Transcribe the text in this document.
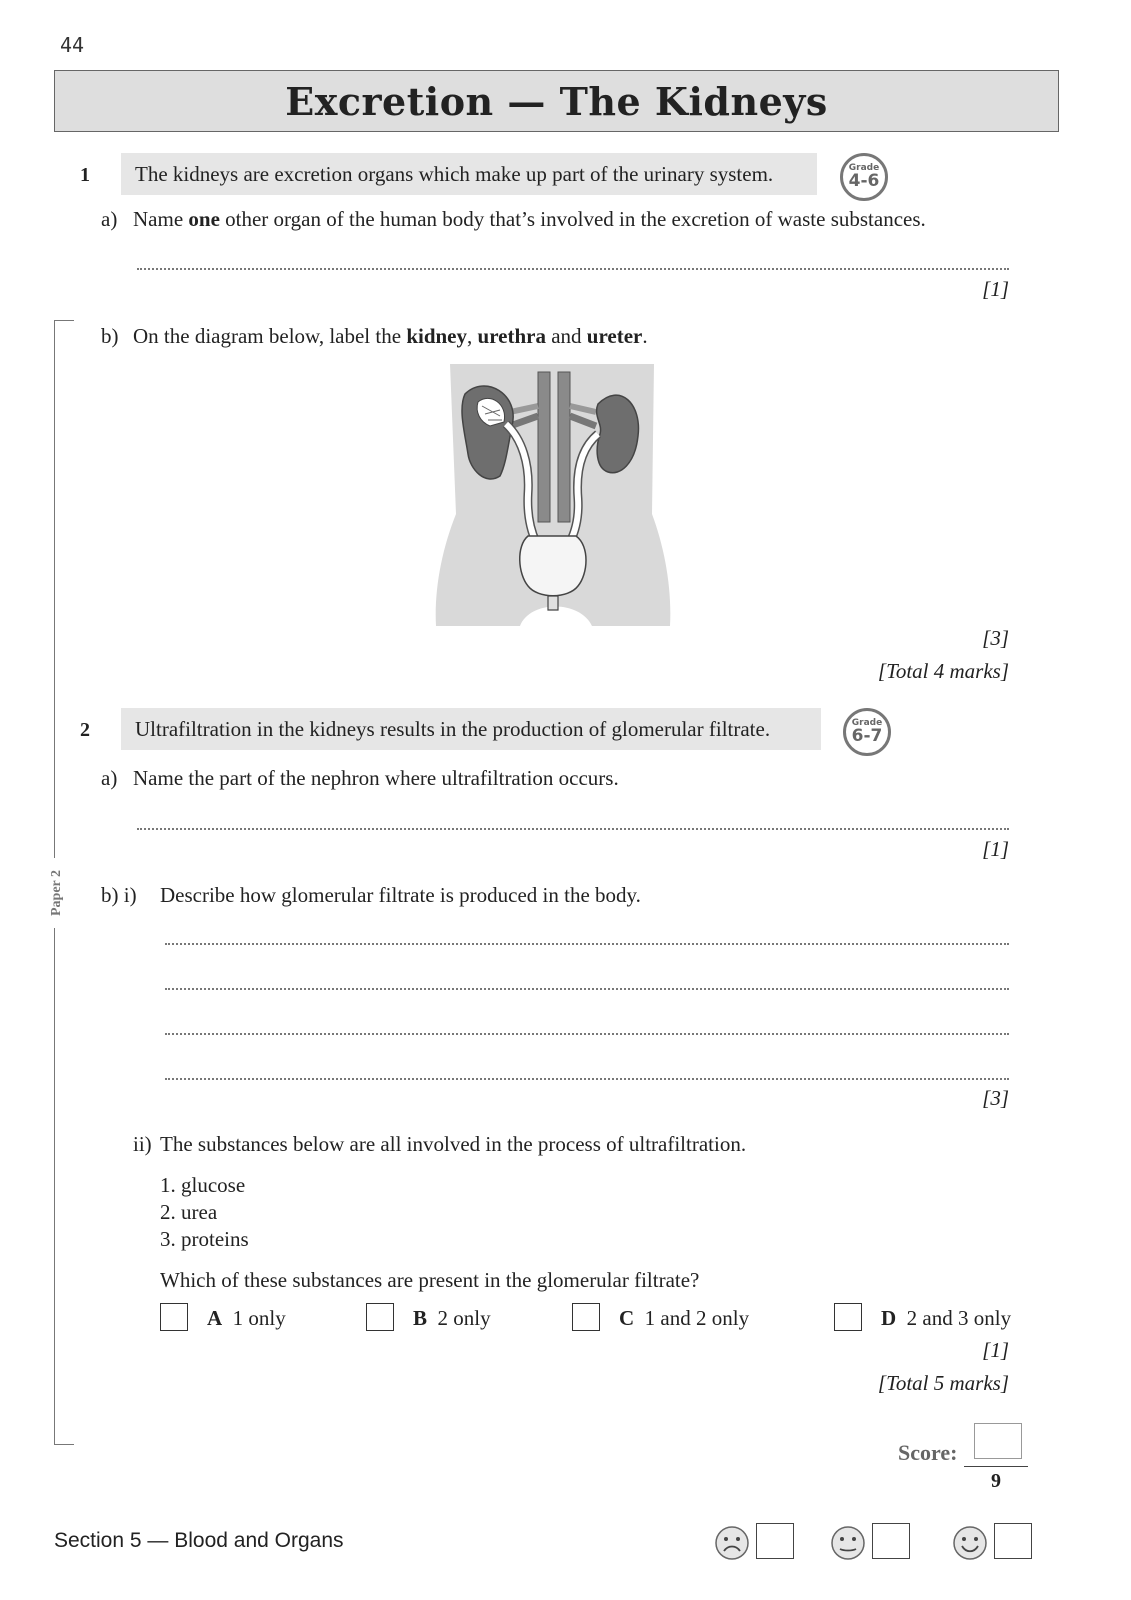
44
Excretion — The Kidneys
Paper 2
1 The kidneys are excretion organs which make up part of the urinary system.	Grade
4-6
a) Name one other organ of the human body that’s involved in the excretion of waste substances.
[1]
b) On the diagram below, label the kidney, urethra and ureter.
[3]
[Total 4 marks]
2 Ultrafiltration in the kidneys results in the production of glomerular filtrate.	Grade
6-7
a) Name the part of the nephron where ultrafiltration occurs.
[1]
b) i) Describe how glomerular filtrate is produced in the body.
[3]
ii) The substances below are all involved in the process of ultrafiltration.
1. glucose
2. urea
3. proteins
Which of these substances are present in the glomerular filtrate?
A 1 only	B 2 only	C 1 and 2 only	D 2 and 3 only
[1]
[Total 5 marks]
Score:
9
Section 5 — Blood and Organs
